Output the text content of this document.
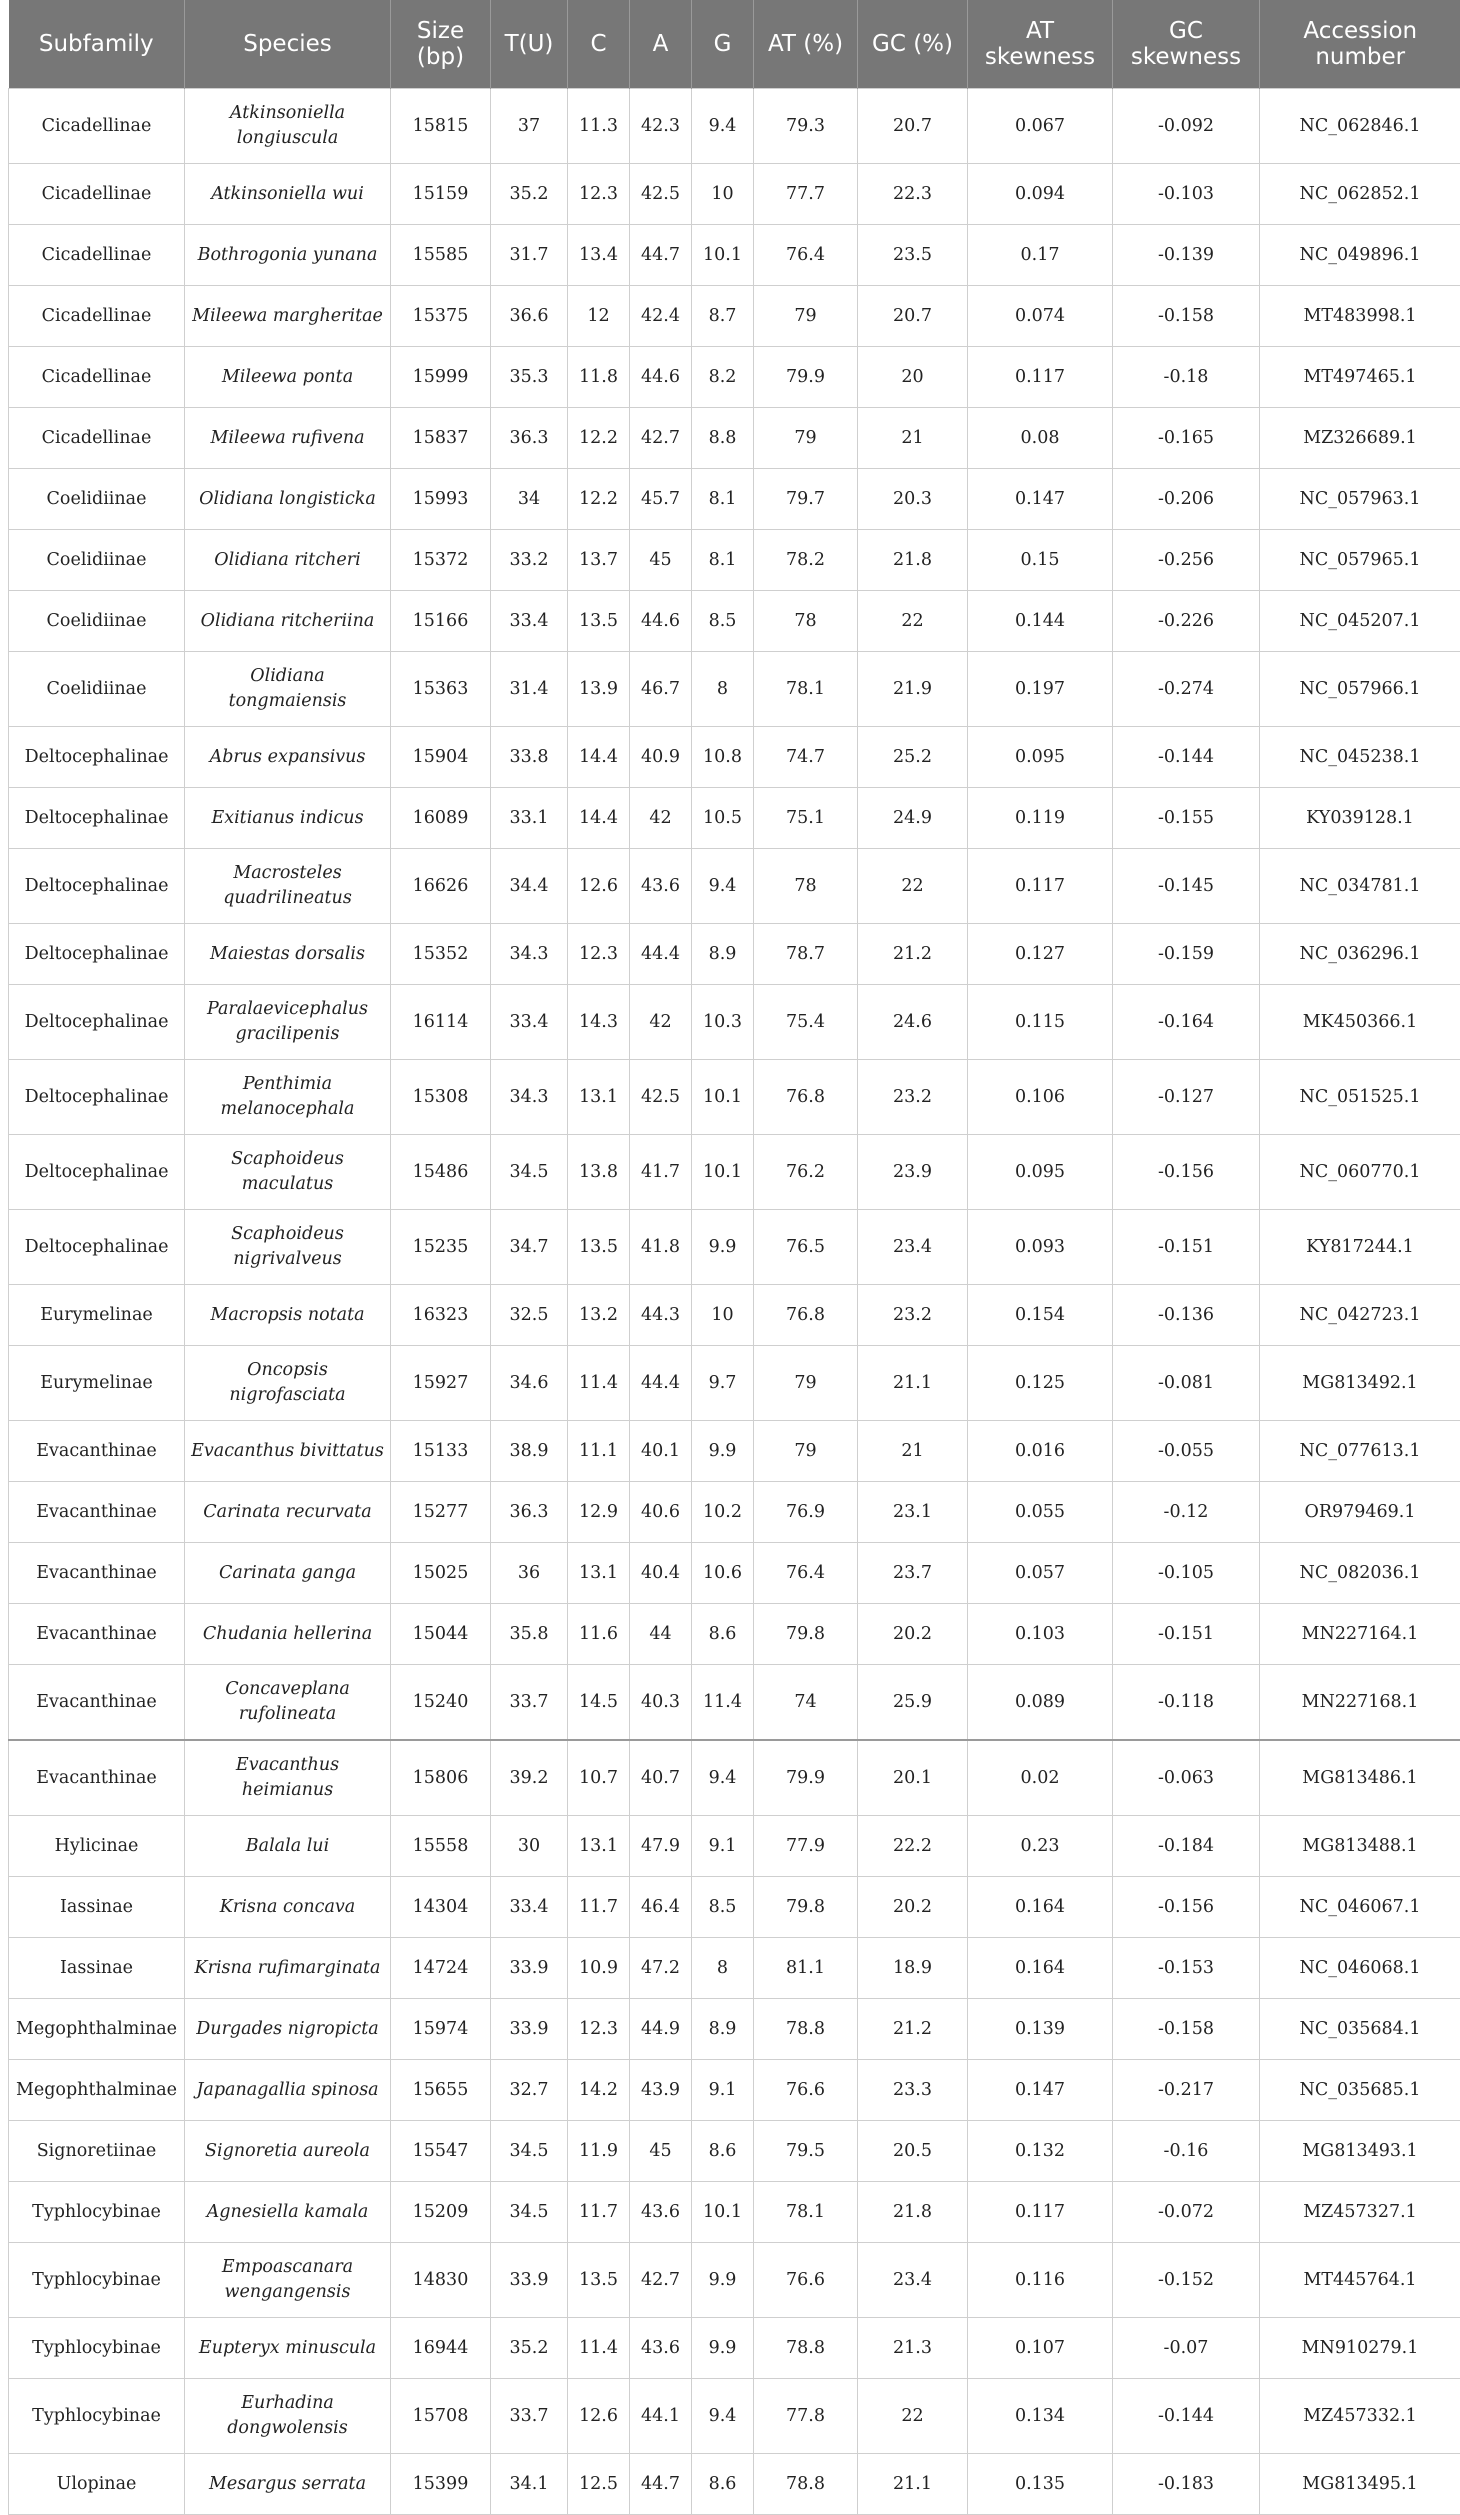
Subfamily	Species	Size (bp)	T(U)	C	A	G	AT (%)	GC (%)	AT skewness	GC skewness	Accession number
Cicadellinae	Atkinsoniella longiuscula	15815	37	11.3	42.3	9.4	79.3	20.7	0.067	-0.092	NC_062846.1
Cicadellinae	Atkinsoniella wui	15159	35.2	12.3	42.5	10	77.7	22.3	0.094	-0.103	NC_062852.1
Cicadellinae	Bothrogonia yunana	15585	31.7	13.4	44.7	10.1	76.4	23.5	0.17	-0.139	NC_049896.1
Cicadellinae	Mileewa margheritae	15375	36.6	12	42.4	8.7	79	20.7	0.074	-0.158	MT483998.1
Cicadellinae	Mileewa ponta	15999	35.3	11.8	44.6	8.2	79.9	20	0.117	-0.18	MT497465.1
Cicadellinae	Mileewa rufivena	15837	36.3	12.2	42.7	8.8	79	21	0.08	-0.165	MZ326689.1
Coelidiinae	Olidiana longisticka	15993	34	12.2	45.7	8.1	79.7	20.3	0.147	-0.206	NC_057963.1
Coelidiinae	Olidiana ritcheri	15372	33.2	13.7	45	8.1	78.2	21.8	0.15	-0.256	NC_057965.1
Coelidiinae	Olidiana ritcheriina	15166	33.4	13.5	44.6	8.5	78	22	0.144	-0.226	NC_045207.1
Coelidiinae	Olidiana tongmaiensis	15363	31.4	13.9	46.7	8	78.1	21.9	0.197	-0.274	NC_057966.1
Deltocephalinae	Abrus expansivus	15904	33.8	14.4	40.9	10.8	74.7	25.2	0.095	-0.144	NC_045238.1
Deltocephalinae	Exitianus indicus	16089	33.1	14.4	42	10.5	75.1	24.9	0.119	-0.155	KY039128.1
Deltocephalinae	Macrosteles quadrilineatus	16626	34.4	12.6	43.6	9.4	78	22	0.117	-0.145	NC_034781.1
Deltocephalinae	Maiestas dorsalis	15352	34.3	12.3	44.4	8.9	78.7	21.2	0.127	-0.159	NC_036296.1
Deltocephalinae	Paralaevicephalus gracilipenis	16114	33.4	14.3	42	10.3	75.4	24.6	0.115	-0.164	MK450366.1
Deltocephalinae	Penthimia melanocephala	15308	34.3	13.1	42.5	10.1	76.8	23.2	0.106	-0.127	NC_051525.1
Deltocephalinae	Scaphoideus maculatus	15486	34.5	13.8	41.7	10.1	76.2	23.9	0.095	-0.156	NC_060770.1
Deltocephalinae	Scaphoideus nigrivalveus	15235	34.7	13.5	41.8	9.9	76.5	23.4	0.093	-0.151	KY817244.1
Eurymelinae	Macropsis notata	16323	32.5	13.2	44.3	10	76.8	23.2	0.154	-0.136	NC_042723.1
Eurymelinae	Oncopsis nigrofasciata	15927	34.6	11.4	44.4	9.7	79	21.1	0.125	-0.081	MG813492.1
Evacanthinae	Evacanthus bivittatus	15133	38.9	11.1	40.1	9.9	79	21	0.016	-0.055	NC_077613.1
Evacanthinae	Carinata recurvata	15277	36.3	12.9	40.6	10.2	76.9	23.1	0.055	-0.12	OR979469.1
Evacanthinae	Carinata ganga	15025	36	13.1	40.4	10.6	76.4	23.7	0.057	-0.105	NC_082036.1
Evacanthinae	Chudania hellerina	15044	35.8	11.6	44	8.6	79.8	20.2	0.103	-0.151	MN227164.1
Evacanthinae	Concaveplana rufolineata	15240	33.7	14.5	40.3	11.4	74	25.9	0.089	-0.118	MN227168.1
Evacanthinae	Evacanthus heimianus	15806	39.2	10.7	40.7	9.4	79.9	20.1	0.02	-0.063	MG813486.1
Hylicinae	Balala lui	15558	30	13.1	47.9	9.1	77.9	22.2	0.23	-0.184	MG813488.1
Iassinae	Krisna concava	14304	33.4	11.7	46.4	8.5	79.8	20.2	0.164	-0.156	NC_046067.1
Iassinae	Krisna rufimarginata	14724	33.9	10.9	47.2	8	81.1	18.9	0.164	-0.153	NC_046068.1
Megophthalminae	Durgades nigropicta	15974	33.9	12.3	44.9	8.9	78.8	21.2	0.139	-0.158	NC_035684.1
Megophthalminae	Japanagallia spinosa	15655	32.7	14.2	43.9	9.1	76.6	23.3	0.147	-0.217	NC_035685.1
Signoretiinae	Signoretia aureola	15547	34.5	11.9	45	8.6	79.5	20.5	0.132	-0.16	MG813493.1
Typhlocybinae	Agnesiella kamala	15209	34.5	11.7	43.6	10.1	78.1	21.8	0.117	-0.072	MZ457327.1
Typhlocybinae	Empoascanara wengangensis	14830	33.9	13.5	42.7	9.9	76.6	23.4	0.116	-0.152	MT445764.1
Typhlocybinae	Eupteryx minuscula	16944	35.2	11.4	43.6	9.9	78.8	21.3	0.107	-0.07	MN910279.1
Typhlocybinae	Eurhadina dongwolensis	15708	33.7	12.6	44.1	9.4	77.8	22	0.134	-0.144	MZ457332.1
Ulopinae	Mesargus serrata	15399	34.1	12.5	44.7	8.6	78.8	21.1	0.135	-0.183	MG813495.1
